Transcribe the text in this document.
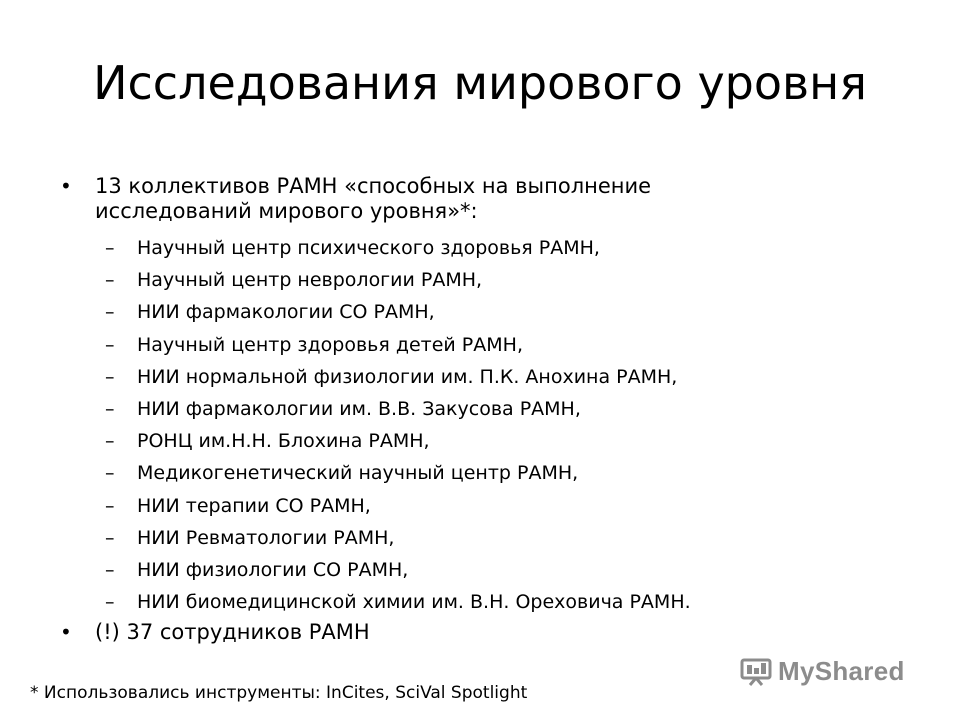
Исследования мирового уровня
• 13 коллективов РАМН «способных на выполнение
исследований мирового уровня»*:
– Научный центр психического здоровья РАМН,
– Научный центр неврологии РАМН,
– НИИ фармакологии СО РАМН,
– Научный центр здоровья детей РАМН,
– НИИ нормальной физиологии им. П.К. Анохина РАМН,
– НИИ фармакологии им. В.В. Закусова РАМН,
– РОНЦ им.Н.Н. Блохина РАМН,
– Медикогенетический научный центр РАМН,
– НИИ терапии СО РАМН,
– НИИ Ревматологии РАМН,
– НИИ физиологии СО РАМН,
– НИИ биомедицинской химии им. В.Н. Ореховича РАМН.
• (!) 37 сотрудников РАМН
MyShared
* Использовались инструменты: InCites, SciVal Spotlight
